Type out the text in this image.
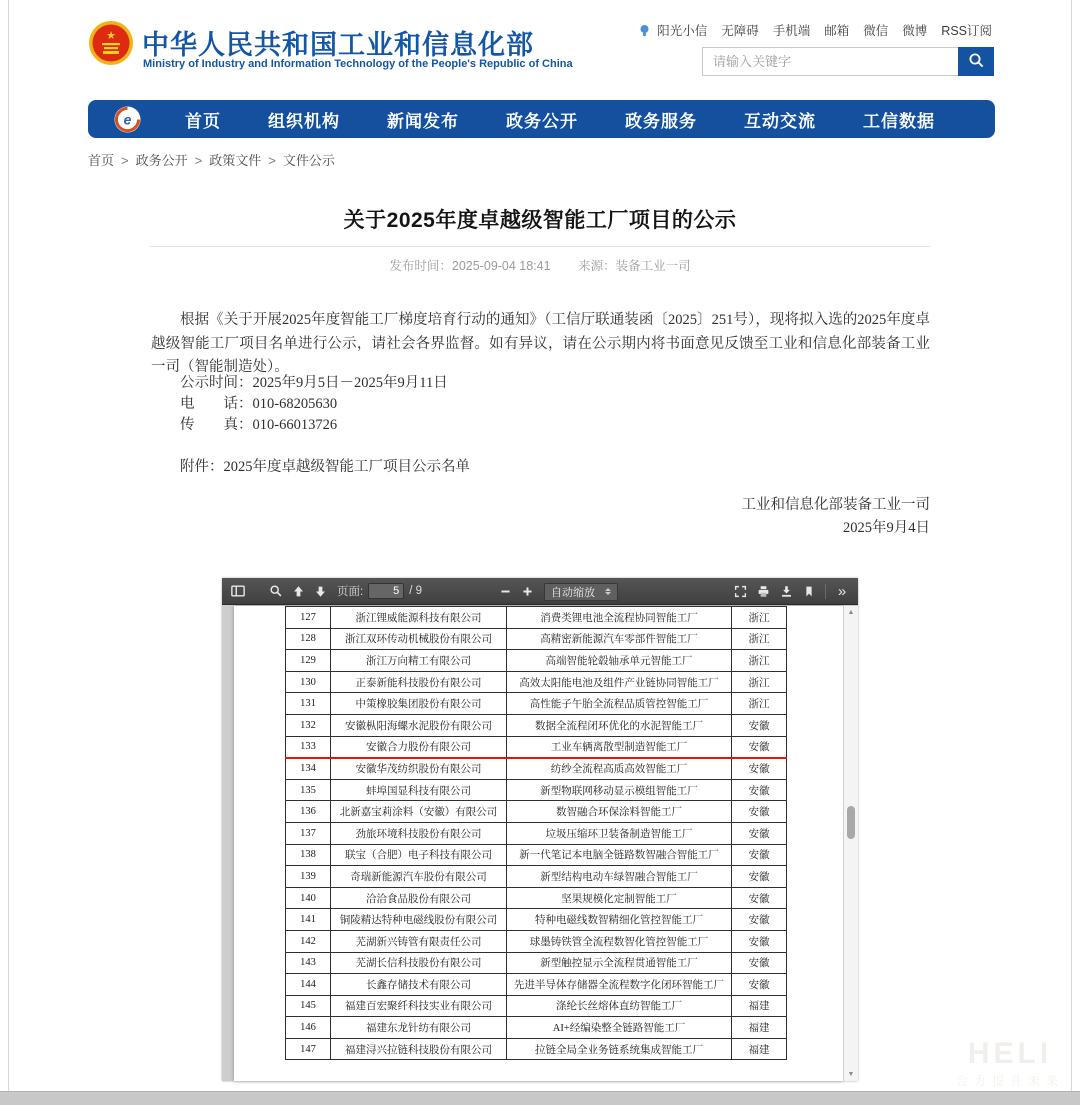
★ 中华人民共和国工业和信息化部
Ministry of Industry and Information Technology of the People's Republic of China
阳光小信 无障碍 手机端 邮箱 微信 微博 RSS订阅
请输入关键字
e	首页	组织机构	新闻发布	政务公开	政务服务	互动交流	工信数据
首页 > 政务公开 > 政策文件 > 文件公示
关于2025年度卓越级智能工厂项目的公示
发布时间：2025-09-04 18:41 来源：装备工业一司
根据《关于开展2025年度智能工厂梯度培育行动的通知》（工信厅联通装函〔2025〕251号），现将拟入选的2025年度卓越级智能工厂项目名单进行公示，请社会各界监督。如有异议，请在公示期内将书面意见反馈至工业和信息化部装备工业一司（智能制造处）。
公示时间：2025年9月5日－2025年9月11日
电　　话：010-68205630
传　　真：010-66013726
附件：2025年度卓越级智能工厂项目公示名单
工业和信息化部装备工业一司
2025年9月4日
页面:
5	/ 9	自动缩放	»
127	浙江锂威能源科技有限公司	消费类锂电池全流程协同智能工厂	浙江
128	浙江双环传动机械股份有限公司	高精密新能源汽车零部件智能工厂	浙江
129	浙江万向精工有限公司	高端智能轮毂轴承单元智能工厂	浙江
130	正泰新能科技股份有限公司	高效太阳能电池及组件产业链协同智能工厂	浙江
131	中策橡胶集团股份有限公司	高性能子午胎全流程品质管控智能工厂	浙江
132	安徽枞阳海螺水泥股份有限公司	数据全流程闭环优化的水泥智能工厂	安徽
133	安徽合力股份有限公司	工业车辆离散型制造智能工厂	安徽
134	安徽华茂纺织股份有限公司	纺纱全流程高质高效智能工厂	安徽
135	蚌埠国显科技有限公司	新型物联网移动显示模组智能工厂	安徽
136	北新嘉宝莉涂料（安徽）有限公司	数智融合环保涂料智能工厂	安徽
137	劲旅环境科技股份有限公司	垃圾压缩环卫装备制造智能工厂	安徽
138	联宝（合肥）电子科技有限公司	新一代笔记本电脑全链路数智融合智能工厂	安徽
139	奇瑞新能源汽车股份有限公司	新型结构电动车绿智融合智能工厂	安徽
140	洽洽食品股份有限公司	坚果规模化定制智能工厂	安徽
141	铜陵精达特种电磁线股份有限公司	特种电磁线数智精细化管控智能工厂	安徽
142	芜湖新兴铸管有限责任公司	球墨铸铁管全流程数智化管控智能工厂	安徽
143	芜湖长信科技股份有限公司	新型触控显示全流程贯通智能工厂	安徽
144	长鑫存储技术有限公司	先进半导体存储器全流程数字化闭环智能工厂	安徽
145	福建百宏聚纤科技实业有限公司	涤纶长丝熔体直纺智能工厂	福建
146	福建东龙针纺有限公司	AI+经编染整全链路智能工厂	福建
147	福建浔兴拉链科技股份有限公司	拉链全局全业务链系统集成智能工厂	福建
▲
▼
HELI
合力提升未来
